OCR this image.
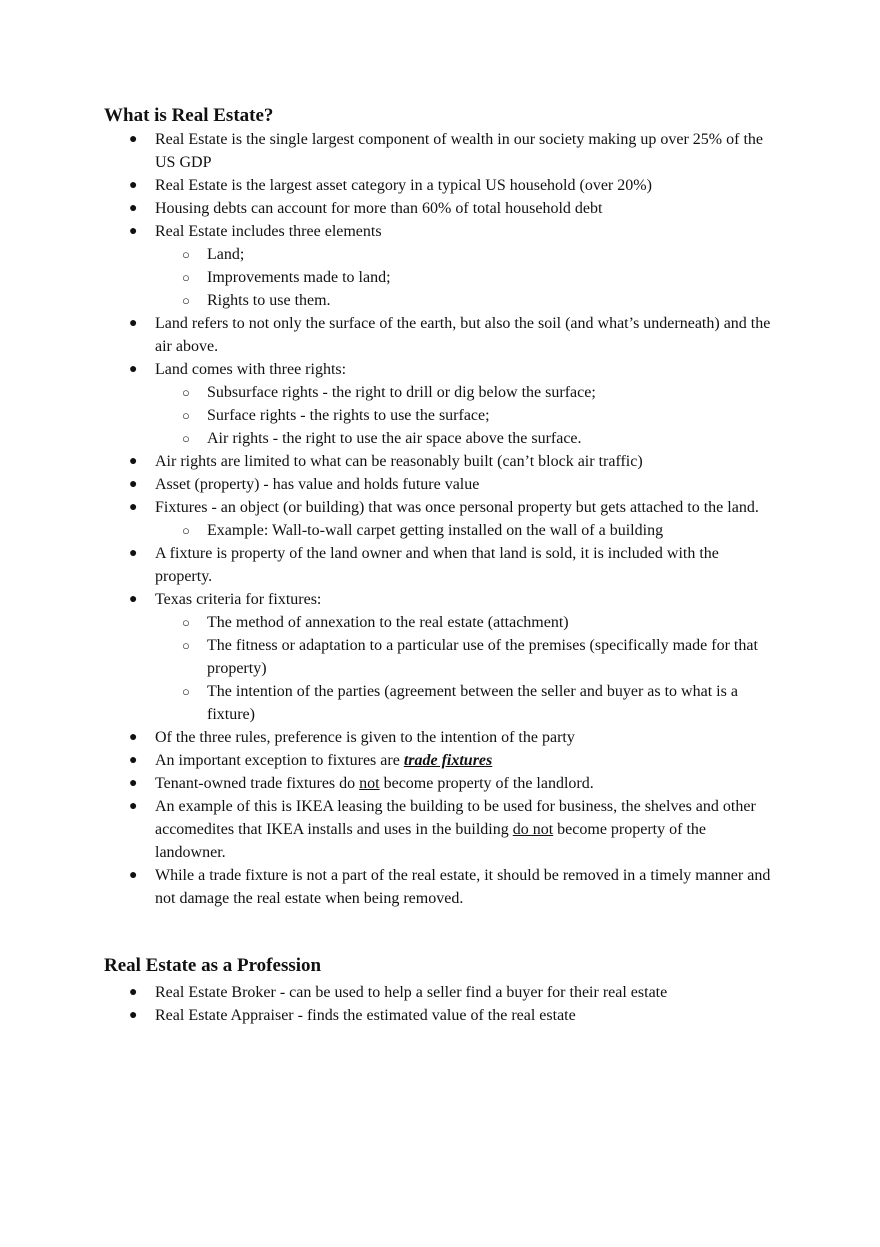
What is Real Estate?
● Real Estate is the single largest component of wealth in our society making up over 25% of the US GDP
● Real Estate is the largest asset category in a typical US household (over 20%)
● Housing debts can account for more than 60% of total household debt
● Real Estate includes three elements
○ Land;
○ Improvements made to land;
○ Rights to use them.
● Land refers to not only the surface of the earth, but also the soil (and what’s underneath) and the air above.
● Land comes with three rights:
○ Subsurface rights - the right to drill or dig below the surface;
○ Surface rights - the rights to use the surface;
○ Air rights - the right to use the air space above the surface.
● Air rights are limited to what can be reasonably built (can’t block air traffic)
● Asset (property) - has value and holds future value
● Fixtures - an object (or building) that was once personal property but gets attached to the land.
○ Example: Wall-to-wall carpet getting installed on the wall of a building
● A fixture is property of the land owner and when that land is sold, it is included with the property.
● Texas criteria for fixtures:
○ The method of annexation to the real estate (attachment)
○ The fitness or adaptation to a particular use of the premises (specifically made for that property)
○ The intention of the parties (agreement between the seller and buyer as to what is a fixture)
● Of the three rules, preference is given to the intention of the party
● An important exception to fixtures are trade fixtures
● Tenant-owned trade fixtures do not become property of the landlord.
● An example of this is IKEA leasing the building to be used for business, the shelves and other accomedites that IKEA installs and uses in the building do not become property of the landowner.
● While a trade fixture is not a part of the real estate, it should be removed in a timely manner and not damage the real estate when being removed.
Real Estate as a Profession
● Real Estate Broker - can be used to help a seller find a buyer for their real estate
● Real Estate Appraiser - finds the estimated value of the real estate
